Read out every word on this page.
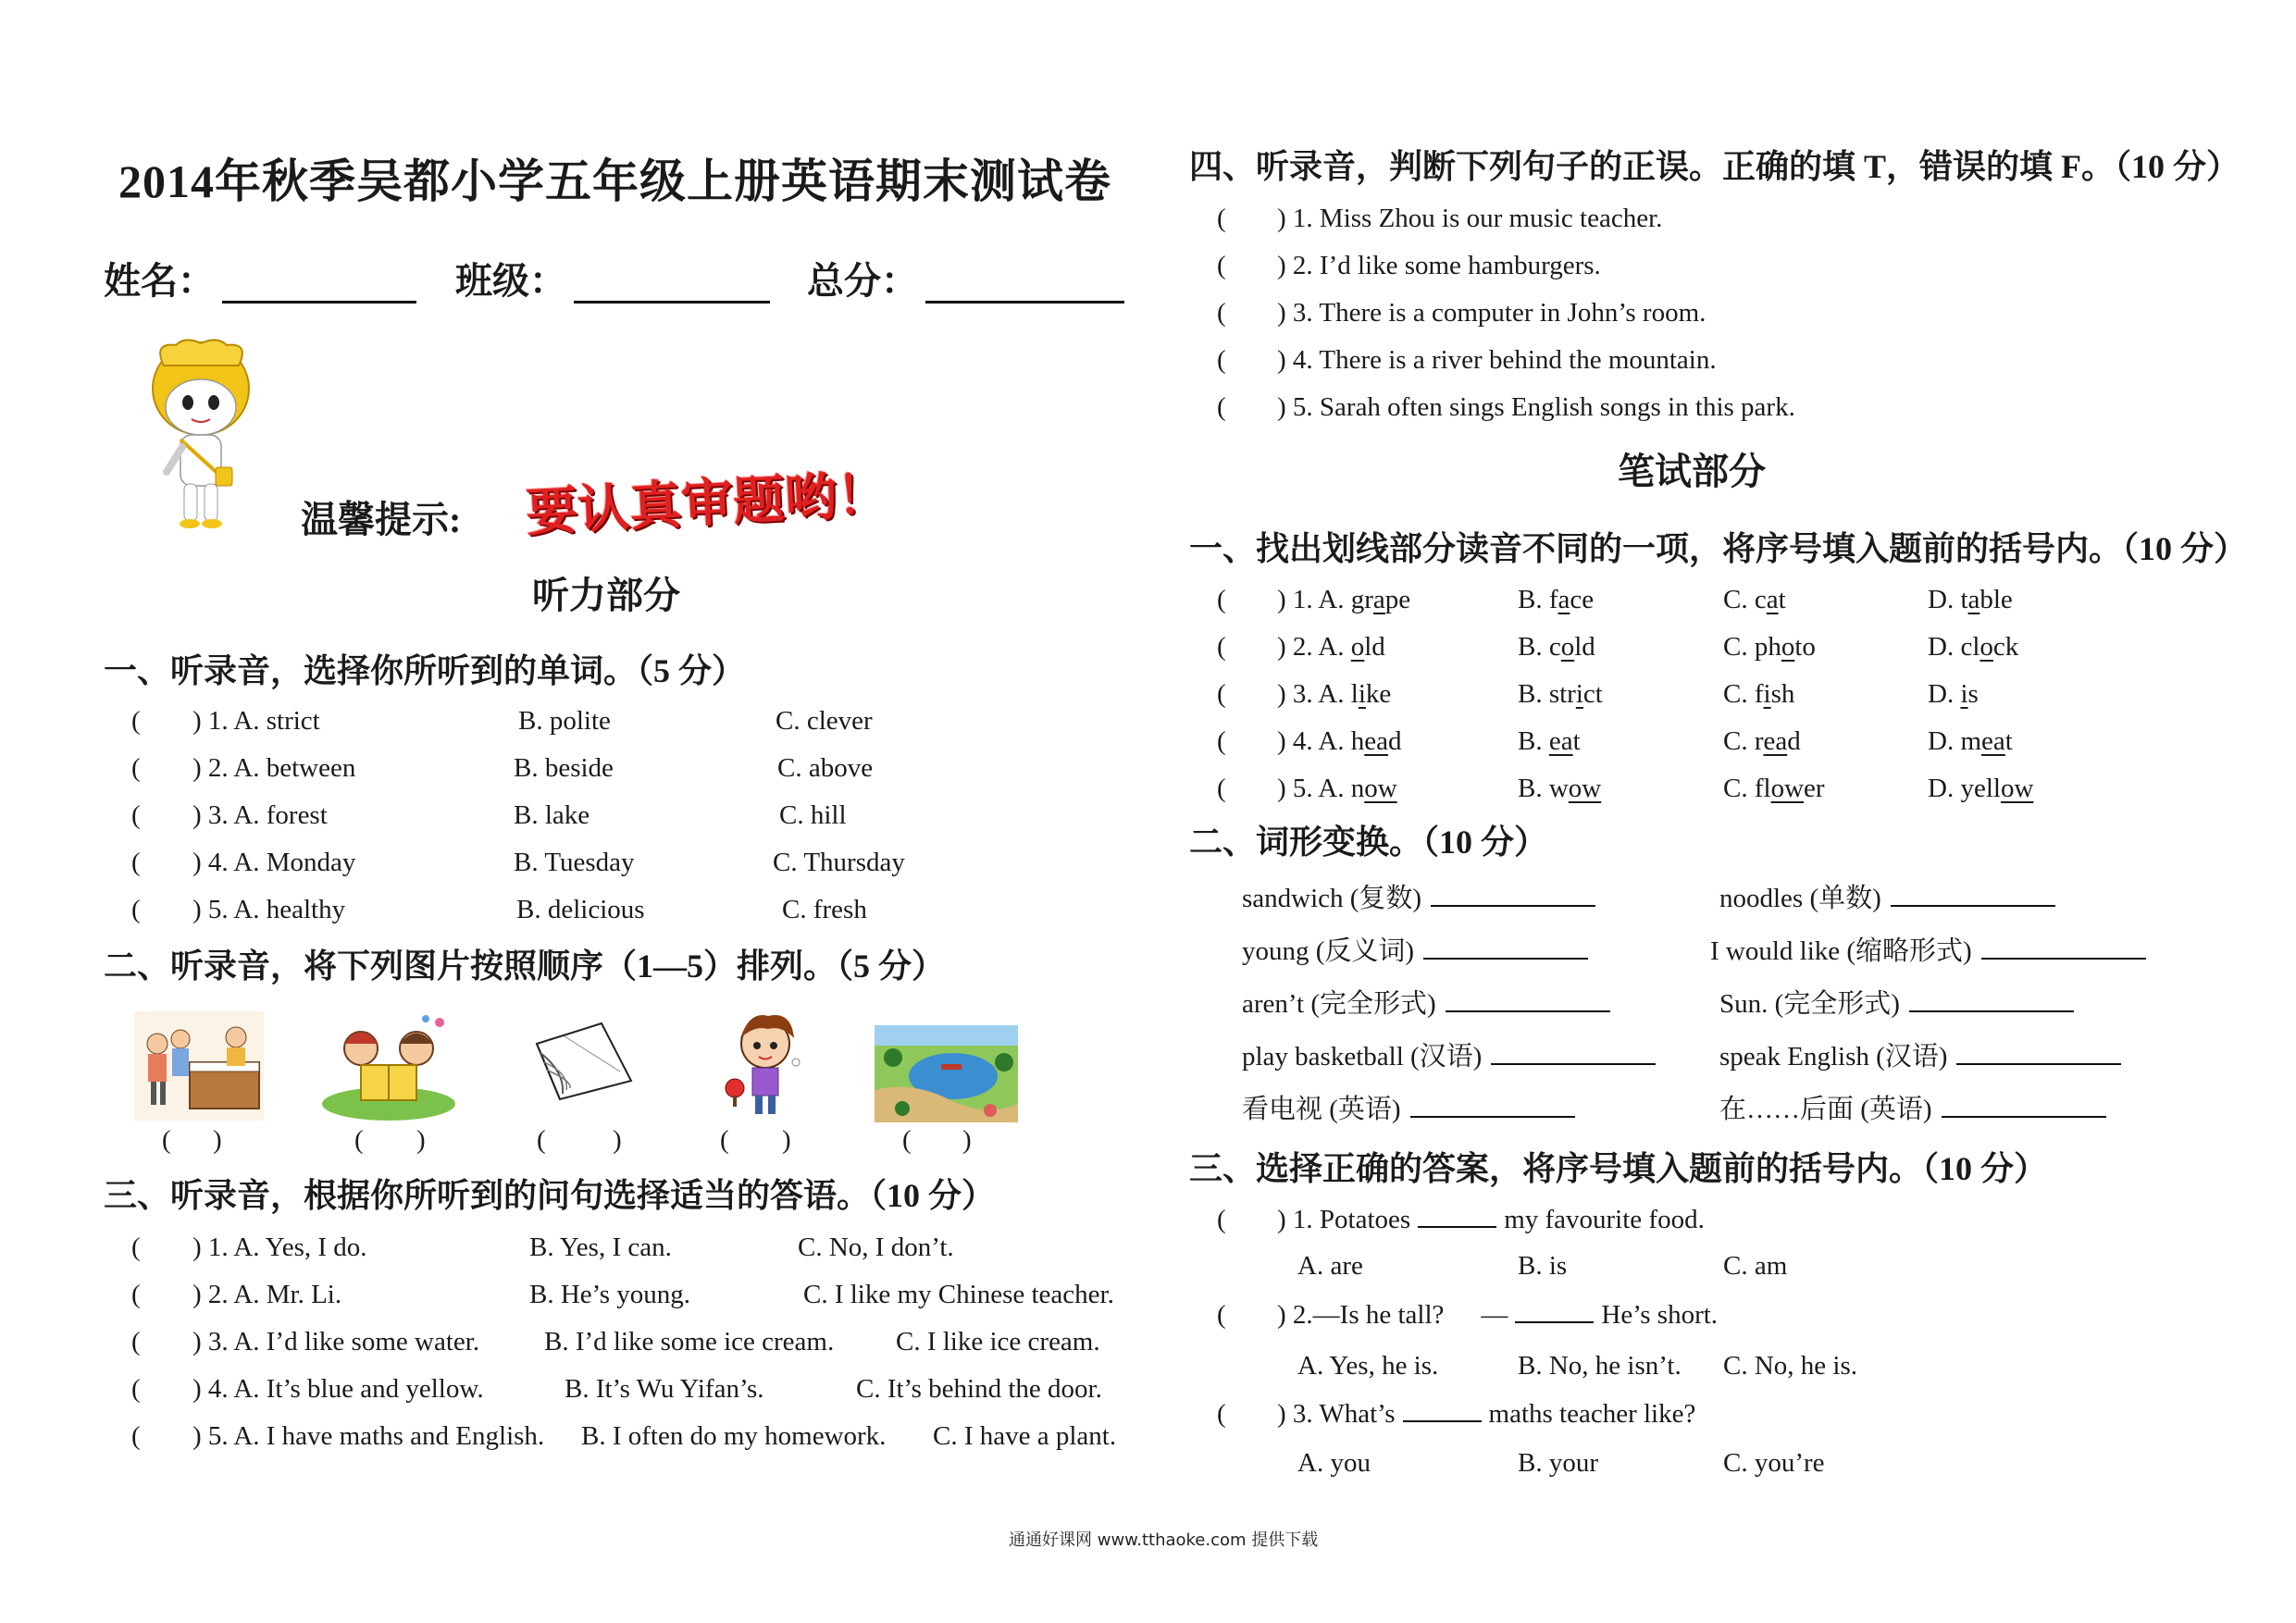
2014年秋季吴都小学五年级上册英语期末测试卷
姓名：	班级：	总分：
温馨提示: 要认真审题哟！
听力部分
一、听录音，选择你所听到的单词。（5 分）
( ) 1. A. strict	B. polite	C. clever
( ) 2. A. between	B. beside	C. above
( ) 3. A. forest	B. lake	C. hill
( ) 4. A. Monday	B. Tuesday	C. Thursday
( ) 5. A. healthy	B. delicious	C. fresh
二、听录音，将下列图片按照顺序（1—5）排列。（5 分）
( )	( )	( )	( )	( )
三、听录音，根据你所听到的问句选择适当的答语。（10 分）
( ) 1. A. Yes, I do.	B. Yes, I can.	C. No, I don’t.
( ) 2. A. Mr. Li.	B. He’s young.	C. I like my Chinese teacher.
( ) 3. A. I’d like some water. B. I’d like some ice cream. C. I like ice cream.
( ) 4. A. It’s blue and yellow.	B. It’s Wu Yifan’s.	C. It’s behind the door.
( ) 5. A. I have maths and English. B. I often do my homework. C. I have a plant.
四、听录音，判断下列句子的正误。正确的填 T，错误的填 F。（10 分）
( ) 1. Miss Zhou is our music teacher.
( ) 2. I’d like some hamburgers.
( ) 3. There is a computer in John’s room.
( ) 4. There is a river behind the mountain.
( ) 5. Sarah often sings English songs in this park.
笔试部分
一、找出划线部分读音不同的一项，将序号填入题前的括号内。（10 分）
( ) 1. A. grape	B. face	C. cat	D. table
( ) 2. A. old	B. cold	C. photo	D. clock
( ) 3. A. like	B. strict	C. fish	D. is
( ) 4. A. head	B. eat	C. read	D. meat
( ) 5. A. now	B. wow	C. flower	D. yellow
二、词形变换。（10 分）
sandwich (复数)	noodles (单数)
young (反义词)	I would like (缩略形式)
aren’t (完全形式)	Sun. (完全形式)
play basketball (汉语)	speak English (汉语)
看电视 (英语)	在……后面 (英语)
三、选择正确的答案，将序号填入题前的括号内。（10 分）
( ) 1. Potatoes	my favourite food.
A. are	B. is	C. am
( ) 2.—Is he tall? —	He’s short.
A. Yes, he is.	B. No, he isn’t. C. No, he is.
( ) 3. What’s	maths teacher like?
A. you	B. your	C. you’re
通通好课网 www.tthaoke.com 提供下载
